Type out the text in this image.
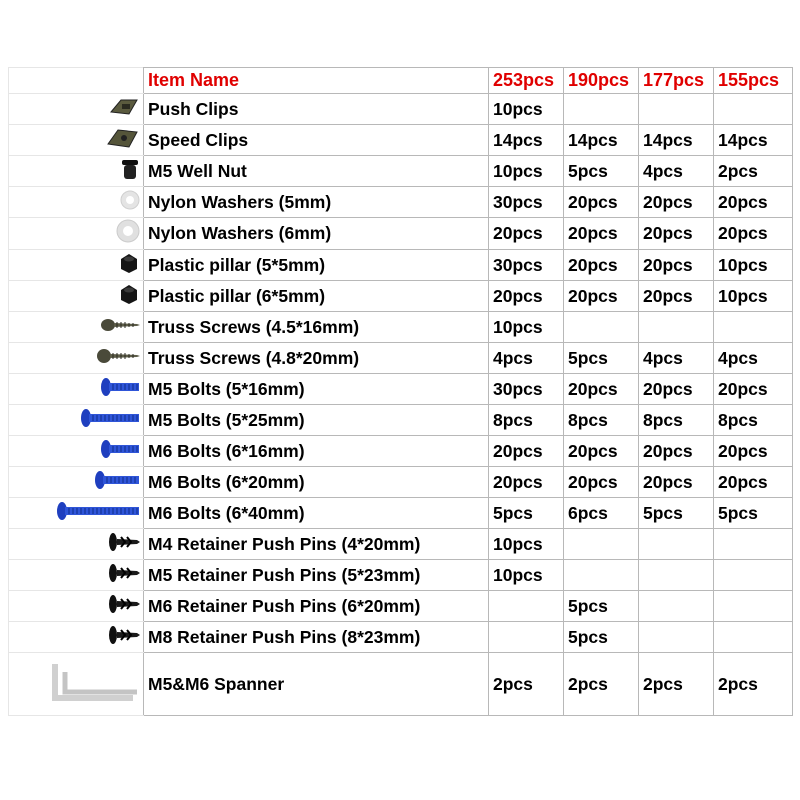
	Item Name	253pcs	190pcs	177pcs	155pcs
	Push Clips	10pcs			
	Speed Clips	14pcs	14pcs	14pcs	14pcs
	M5 Well Nut	10pcs	5pcs	4pcs	2pcs
	Nylon Washers (5mm)	30pcs	20pcs	20pcs	20pcs
	Nylon Washers (6mm)	20pcs	20pcs	20pcs	20pcs
	Plastic pillar (5*5mm)	30pcs	20pcs	20pcs	10pcs
	Plastic pillar (6*5mm)	20pcs	20pcs	20pcs	10pcs
	Truss Screws (4.5*16mm)	10pcs			
	Truss Screws (4.8*20mm)	4pcs	5pcs	4pcs	4pcs
	M5 Bolts (5*16mm)	30pcs	20pcs	20pcs	20pcs
	M5 Bolts (5*25mm)	8pcs	8pcs	8pcs	8pcs
	M6 Bolts (6*16mm)	20pcs	20pcs	20pcs	20pcs
	M6 Bolts (6*20mm)	20pcs	20pcs	20pcs	20pcs
	M6 Bolts (6*40mm)	5pcs	6pcs	5pcs	5pcs
	M4 Retainer Push Pins (4*20mm)	10pcs			
	M5 Retainer Push Pins (5*23mm)	10pcs			
	M6 Retainer Push Pins (6*20mm)		5pcs		
	M8 Retainer Push Pins (8*23mm)		5pcs		
	M5&M6 Spanner	2pcs	2pcs	2pcs	2pcs
